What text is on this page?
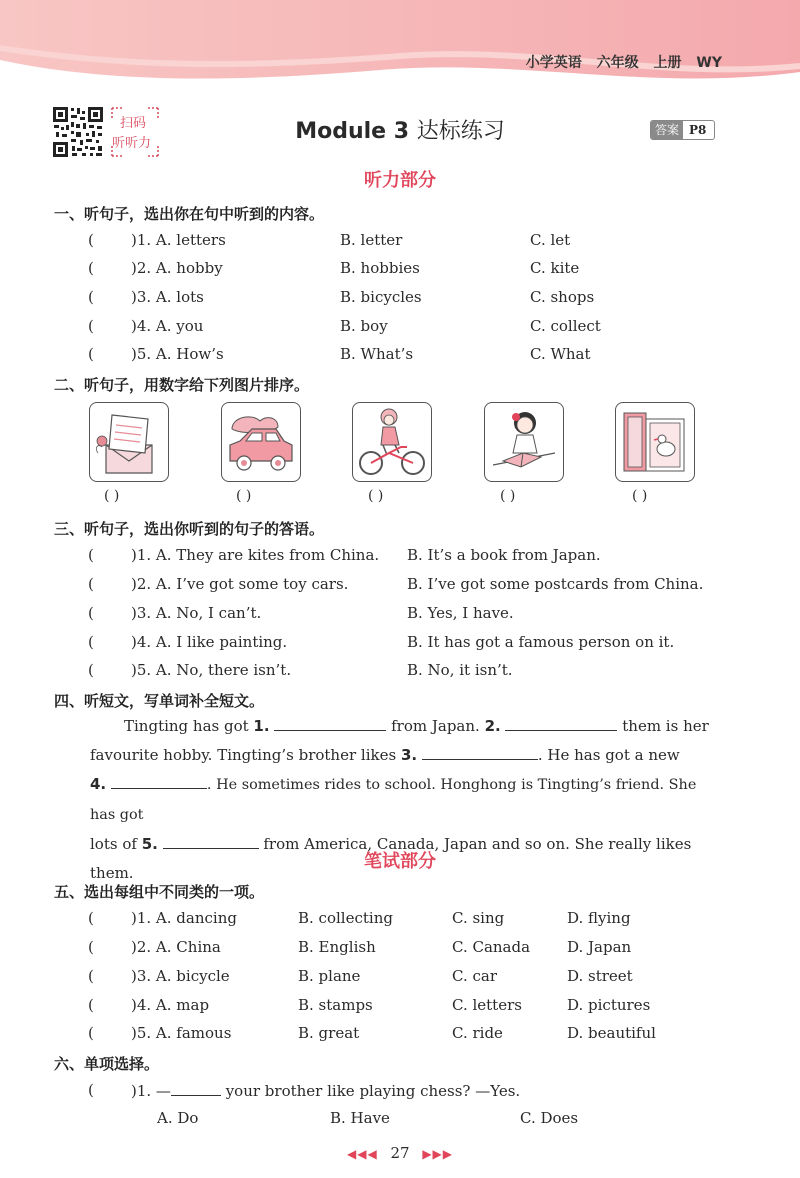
小学英语 六年级 上册 WY
扫码
听听力	Module 3 达标练习	答案 P8
听力部分
一、听句子，选出你在句中听到的内容。
( )1. A. letters	B. letter	C. let
( )2. A. hobby	B. hobbies	C. kite
( )3. A. lots	B. bicycles	C. shops
( )4. A. you	B. boy	C. collect
( )5. A. How’s	B. What’s	C. What
二、听句子，用数字给下列图片排序。
( )	( )	( )	( )	( )
三、听句子，选出你听到的句子的答语。
( )1. A. They are kites from China. B. It’s a book from Japan.
( )2. A. I’ve got some toy cars.	B. I’ve got some postcards from China.
( )3. A. No, I can’t.	B. Yes, I have.
( )4. A. I like painting.	B. It has got a famous person on it.
( )5. A. No, there isn’t.	B. No, it isn’t.
四、听短文，写单词补全短文。
Tingting has got 1.	from Japan. 2.	them is her
favourite hobby. Tingting’s brother likes 3.	. He has got a new
4.	. He sometimes rides to school. Honghong is Tingting’s friend. She has got
lots of 5.	from America, Canada, Japan and so on. She really likes them.
笔试部分
五、选出每组中不同类的一项。
( )1. A. dancing	B. collecting	C. sing	D. flying
( )2. A. China	B. English	C. Canada D. Japan
( )3. A. bicycle	B. plane	C. car	D. street
( )4. A. map	B. stamps	C. letters	D. pictures
( )5. A. famous	B. great	C. ride	D. beautiful
六、单项选择。
( )1. —	your brother like playing chess? —Yes.
A. Do	B. Have	C. Does
◀◀◀ 27 ▶▶▶
